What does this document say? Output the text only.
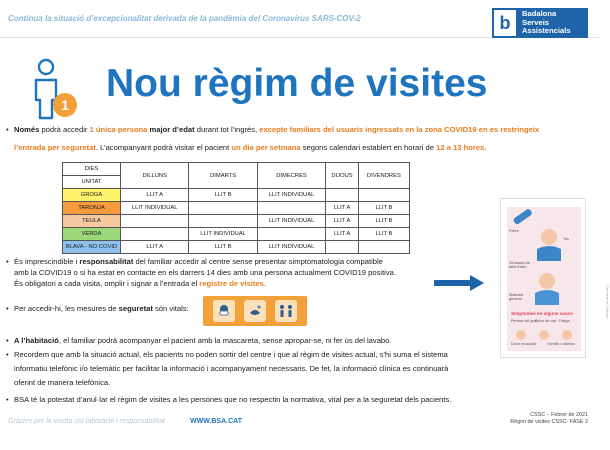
Continua la situació d’excepcionalitat derivada de la pandèmia del Coronavirus SARS-COV-2	b Badalona
Serveis
Assistencials
1 Nou règim de visites
• Només podrà accedir 1 única persona major d’edat durant tot l’ingrés, excepte familiars del usuaris ingressats en la zona COVID19 en es restringeix
l’entrada per seguretat. L’acompanyant podrà visitar el pacient un dia per setmana segons calendari establert en horari de 12 a 13 hores.
DIES	DILLUNS	DIMARTS	DIMECRES	DIJOUS	DIVENDRES
UNITAT					
GROGA	LLIT A	LLIT B	LLIT INDIVIDUAL		
TARONJA	LLIT INDIVIDUAL			LLIT A	LLIT B
TEULA			LLIT INDIVIDUAL	LLIT A	LLIT B
VERDA		LLIT INDIVIDUAL		LLIT A	LLIT B
BLAVA - NO COVID	LLIT A	LLIT B	LLIT INDIVIDUAL		
Febre
Tos
Sensació de falta d'aire
Malestar general
Símptomes en alguns casos
Pèrdua del gust
Dolor de cap Fatiga
Dolor muscular	Vòmits o diarrea
• És imprescindible i responsabilitat del familiar accedir al centre sense presentar simptomatologia compatible
amb la COVID19 o si ha estat en contacte en els darrers 14 dies amb una persona actualment COVID19 positiva.
És obligatori a cada visita, omplir i signar a l’entrada el registre de visites.
• Per accedir-hi, les mesures de seguretat són vitals:
• A l’habitació, el familiar podrà acompanyar el pacient amb la mascareta, sense apropar-se, ni fer ús del lavabo.
• Recordem que amb la situació actual, els pacients no poden sortir del centre i que al règim de visites actual, s’hi suma el sistema
informatiu telefònic i/o telemàtic per facilitar la informació i acompanyament necessaris. De fet, la informació clínica es continuarà
oferint de manera telefònica.
• BSA té la potestat d’anul·lar el règim de visites a les persones que no respectin la normativa, vital per a la seguretat dels pacients.
Gràcies per la vostra col·laboració i responsabilitat	WWW.BSA.CAT
CSSC – Febrer de 2021
Règim de visites CSSC- FASE 2
Generalitat de Catalunya
